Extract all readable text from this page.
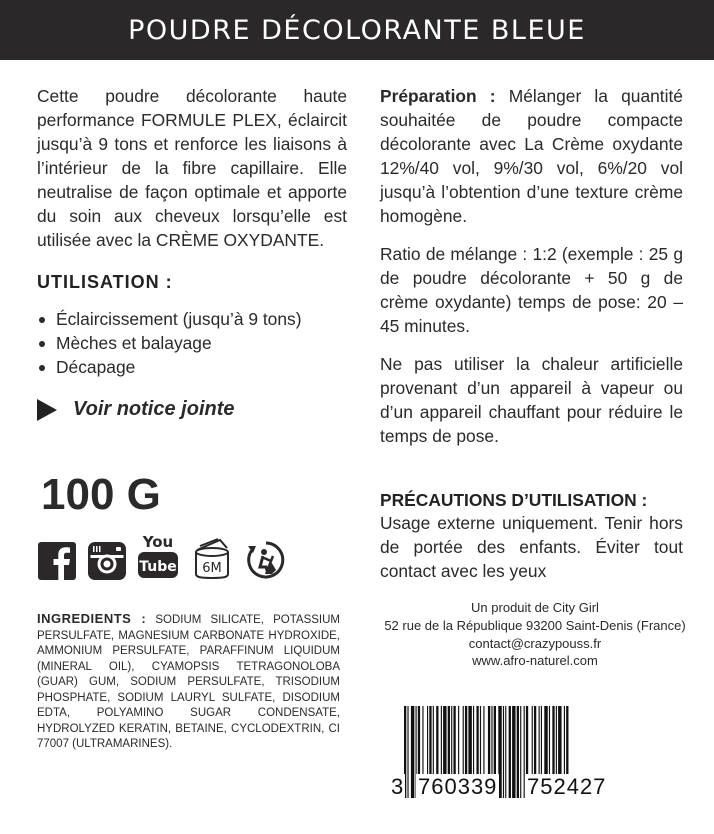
POUDRE DÉCOLORANTE BLEUE

Cette poudre décolorante haute performance FORMULE PLEX, éclaircit jusqu’à 9 tons et renforce les liaisons à l’intérieur de la fibre capillaire. Elle neutralise de façon optimale et apporte du soin aux cheveux lorsqu’elle est utilisée avec la CRÈME OXYDANTE.

UTILISATION :
Éclaircissement (jusqu’à 9 tons)
Mèches et balayage
Décapage
Voir notice jointe
100 G
You
Tube 6M
INGREDIENTS : SODIUM SILICATE, POTASSIUM PERSULFATE, MAGNESIUM CARBONATE HYDROXIDE, AMMONIUM PERSULFATE, PARAFFINUM LIQUIDUM (MINERAL OIL), CYAMOPSIS TETRAGONOLOBA (GUAR) GUM, SODIUM PERSULFATE, TRISODIUM PHOSPHATE, SODIUM LAURYL SULFATE, DISODIUM EDTA, POLYAMINO SUGAR CONDENSATE, HYDROLYZED KERATIN, BETAINE, CYCLODEXTRIN, CI 77007 (ULTRAMARINES).

Préparation : Mélanger la quantité souhaitée de poudre compacte décolorante avec La Crème oxydante 12%/40 vol, 9%/30 vol, 6%/20 vol jusqu’à l’obtention d’une texture crème homogène.

Ratio de mélange : 1:2 (exemple : 25 g de poudre décolorante + 50 g de crème oxydante) temps de pose: 20 – 45 minutes.

Ne pas utiliser la chaleur artificielle provenant d’un appareil à vapeur ou d’un appareil chauffant pour réduire le temps de pose.

PRÉCAUTIONS D’UTILISATION :

Usage externe uniquement. Tenir hors de portée des enfants. Éviter tout contact avec les yeux

Un produit de City Girl
52 rue de la République 93200 Saint-Denis (France)
contact@crazypouss.fr
www.afro-naturel.com
3 760339 752427
